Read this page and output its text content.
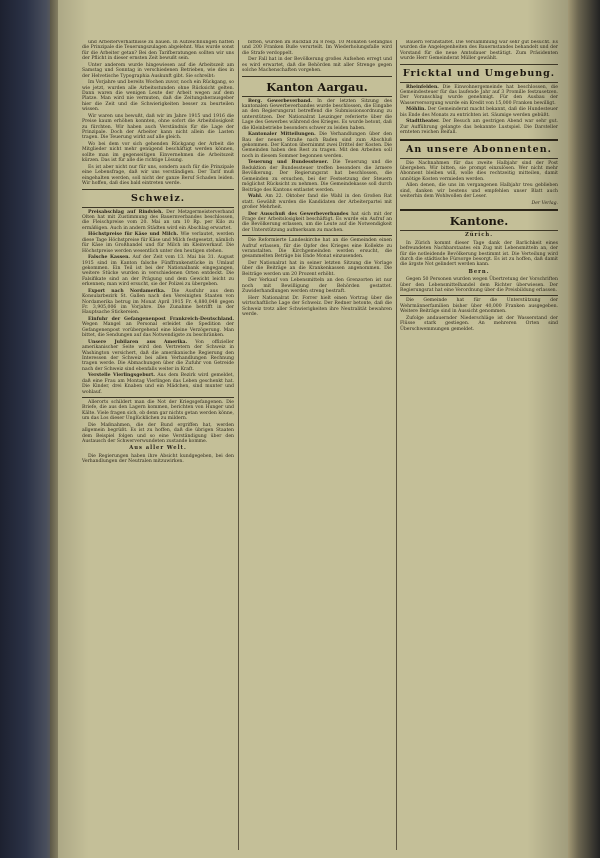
und Arbeiterverhältnisse zu bauen. In Aufzeichnungen hätten die Prinzipale die Teuerungszulagen abgelehnt. Was wurde sonst für die Arbeiter getan? Bei den Tarifberatungen sollten wir uns der Pflicht in dieser ernsten Zeit bewußt sein.

Unter anderem wurde hingewiesen auf die Arbeitszeit am Samstag und Sonntag in verschiedenen Betrieben, wie dies in der Helvetische Typographia Auskunft gibt. Sie schreibt:

Im Vorjahre und bereits Wochen zuvor, noch ein Rückgang, so wie jetzt, wurden alle Arbeitsstunden ohne Rücksicht gelten. Dann waren die wenigen Leute der Arbeit wegen auf dem Platze. Man wird nie vermuten, daß die Zeitungsherausgeber hier die Zeit und die Schwierigkeiten besser zu beurteilen wissen.

Wir waren uns bewußt, daß wir im Jahre 1915 und 1916 die Preise kaum erhöhen konnten, ohne sofort die Arbeitslosigkeit zu fürchten. Wir haben auch Verständnis für die Lage der Prinzipale. Doch der Arbeiter kann nicht allein die Lasten tragen. Die Teuerung wirkt auf alle gleich.

Wo bei dem vor sich gehenden Rückgang der Arbeit die Mitglieder nicht mehr genügend beschäftigt werden können, sollte man im gegenseitigen Einvernehmen die Arbeitszeit kürzen. Das ist für alle die richtige Lösung.

Es ist aber nicht nur für uns, sondern auch für die Prinzipale eine Lebensfrage, daß wir uns verständigen. Der Tarif muß eingehalten werden, soll nicht der ganze Beruf Schaden leiden. Wir hoffen, daß dies bald eintreten werde.

Schweiz.

Preisabschlag auf Rindvieh. Der Metzgermeisterverband Olten hat mit Zustimmung des Bauernverbandes beschlossen, die Fleischpreise vom 20. Mai an um 10 Rp. per Kilo zu ermäßigen. Auch in andern Städten wird ein Abschlag erwartet.

Höchstpreise für Käse und Milch. Wie verlautet, werden diese Tage Höchstpreise für Käse und Milch festgesetzt, nämlich für Käse im Großhandel und für Milch im Kleinverkauf. Die Höchstpreise werden wesentlich unter den heutigen stehen.

Falsche Kassen. Auf der Zeit vom 13. Mai bis 31. August 1915 sind im Kanton falsche Fünffrankenstücke in Umlauf gekommen. Ein Teil ist bei der Nationalbank eingegangen, weitere Stücke wurden in verschiedenen Orten entdeckt. Die Falsifikate sind an der Prägung und dem Gewicht leicht zu erkennen; man wird ersucht, sie der Polizei zu übergeben.

Export nach Nordamerika. Die Ausfuhr aus dem Konsularbezirk St. Gallen nach den Vereinigten Staaten von Nordamerika betrug im Monat April 1915 Fr. 4,880,048 gegen Fr. 3,905,006 im Vorjahre. Die Zunahme betrifft in der Hauptsache Stickereien.

Einfuhr der Gefangenenpost Frankreich-Deutschland. Wegen Mangel an Personal erleidet die Spedition der Gefangenenpost vorübergehend eine kleine Verzögerung. Man bittet, die Sendungen auf das Notwendigste zu beschränken.

Unsere Jubilaren aus Amerika. Von offizieller amerikanischer Seite wird den Vertretern der Schweiz in Washington versichert, daß die amerikanische Regierung den Interessen der Schweiz bei allen Verhandlungen Rechnung tragen werde. Die Abmachungen über die Zufuhr von Getreide nach der Schweiz sind ebenfalls weiter in Kraft.

Verstelle Vierlingsgeburt. Aus dem Bezirk wird gemeldet, daß eine Frau am Montag Vierlingen das Leben geschenkt hat. Die Kinder, drei Knaben und ein Mädchen, sind munter und wohlauf.

Allerorts schildert man die Not der Kriegsgefangenen. Die Briefe, die aus den Lagern kommen, berichten von Hunger und Kälte. Viele fragen sich, ob denn gar nichts getan werden könne, um das Los dieser Unglücklichen zu mildern.

Die Maßnahmen, die der Bund ergriffen hat, werden allgemein begrüßt. Es ist zu hoffen, daß die übrigen Staaten dem Beispiel folgen und so eine Verständigung über den Austausch der Schwerverwundeten zustande komme.

Aus aller Welt.

Die Regierungen haben ihre Absicht kundgegeben, bei den Verhandlungen der Neutralen mitzuwirken.

bitten, wurden im Rückfall zu 8 resp. 10 Monaten Gefängnis und 200 Franken Buße verurteilt. Im Wiederholungsfalle wird die Strafe verdoppelt.

Der Fall hat in der Bevölkerung großes Aufsehen erregt und es wird erwartet, daß die Behörden mit aller Strenge gegen solche Machenschaften vorgehen.

Kanton Aargau.

Berg. Gewerbeverband. In der letzten Sitzung des kantonalen Gewerbeverbandes wurde beschlossen, die Eingabe an den Regierungsrat betreffend die Submissionsordnung zu unterstützen. Der Nationalrat Leuzinger referierte über die Lage des Gewerbes während des Krieges. Es wurde betont, daß die Kleinbetriebe besonders schwer zu leiden haben.

Kantonaler Mitteilungen. Die Verhandlungen über den Bau der neuen Straße nach Baden sind zum Abschluß gekommen. Der Kanton übernimmt zwei Drittel der Kosten. Die Gemeinden haben den Rest zu tragen. Mit den Arbeiten soll noch in diesem Sommer begonnen werden.

Teuerung und Bundessteuer. Die Teuerung und die Reduktion der Bundessteuer treffen besonders die ärmere Bevölkerung. Der Regierungsrat hat beschlossen, die Gemeinden zu ersuchen, bei der Festsetzung der Steuern möglichst Rücksicht zu nehmen. Die Gemeindekasse soll durch Beiträge des Kantons entlastet werden.

Wahl. Am 22. Oktober fand die Wahl in den Großen Rat statt. Gewählt wurden die Kandidaten der Arbeiterpartei mit großer Mehrheit.

Der Ausschuß des Gewerbeverbandes hat sich mit der Frage der Arbeitslosigkeit beschäftigt. Es wurde ein Aufruf an die Bevölkerung erlassen, um die Leute auf die Notwendigkeit der Unterstützung aufmerksam zu machen.

Die Reformierte Landeskirche hat an die Gemeinden einen Aufruf erlassen, für die Opfer des Krieges eine Kollekte zu veranstalten. Die Kirchgemeinden werden ersucht, die gesammelten Beträge bis Ende Monat einzusenden.

Der Nationalrat hat in seiner letzten Sitzung die Vorlage über die Beiträge an die Krankenkassen angenommen. Die Beiträge werden um 20 Prozent erhöht.

Der Verkauf von Lebensmitteln an den Grenzorten ist nur noch mit Bewilligung der Behörden gestattet. Zuwiderhandlungen werden streng bestraft.

Herr Nationalrat Dr. Forrer hielt einen Vortrag über die wirtschaftliche Lage der Schweiz. Der Redner betonte, daß die Schweiz trotz aller Schwierigkeiten ihre Neutralität bewahren werde.

Bauern veranstaltet. Die Versammlung war sehr gut besucht. Es wurden die Angelegenheiten des Bauernstandes behandelt und der Vorstand für die neue Amtsdauer bestätigt. Zum Präsidenten wurde Herr Gemeinderat Müller gewählt.

Fricktal und Umgebung.

Rheinfelden. Die Einwohnergemeinde hat beschlossen, die Gemeindesteuer für das laufende Jahr auf 3 Promille festzusetzen. Der Voranschlag wurde genehmigt. Für den Ausbau der Wasserversorgung wurde ein Kredit von 15,000 Franken bewilligt.

Möhlin. Der Gemeinderat macht bekannt, daß die Hundesteuer bis Ende des Monats zu entrichten ist. Säumige werden gebüßt.

Stadttheater. Der Besuch am gestrigen Abend war sehr gut. Zur Aufführung gelangte das bekannte Lustspiel. Die Darsteller ernteten reichen Beifall.

An unsere Abonnenten.

Die Nachnahmen für das zweite Halbjahr sind der Post übergeben. Wir bitten, sie prompt einzulösen. Wer nicht mehr Abonnent bleiben will, wolle dies rechtzeitig mitteilen, damit unnötige Kosten vermieden werden.

Allen denen, die uns im vergangenen Halbjahr treu geblieben sind, danken wir bestens und empfehlen unser Blatt auch weiterhin dem Wohlwollen der Leser.

Der Verlag.
Kantone.
Zürich.

In Zürich kommt dieser Tage dank der Barlichkeit eines befreundeten Nachbarstaates ein Zug mit Lebensmitteln an, der für die notleidende Bevölkerung bestimmt ist. Die Verteilung wird durch die städtische Fürsorge besorgt. Es ist zu hoffen, daß damit die ärgste Not gelindert werden kann.

Bern.

Gegen 50 Personen wurden wegen Übertretung der Vorschriften über den Lebensmittelhandel dem Richter überwiesen. Der Regierungsrat hat eine Verordnung über die Preisbildung erlassen.

Die Gemeinde hat für die Unterstützung der Wehrmännerfamilien bisher über 40,000 Franken ausgegeben. Weitere Beiträge sind in Aussicht genommen.

Zufolge andauernder Niederschläge ist der Wasserstand der Flüsse stark gestiegen. An mehreren Orten sind Überschwemmungen gemeldet.
